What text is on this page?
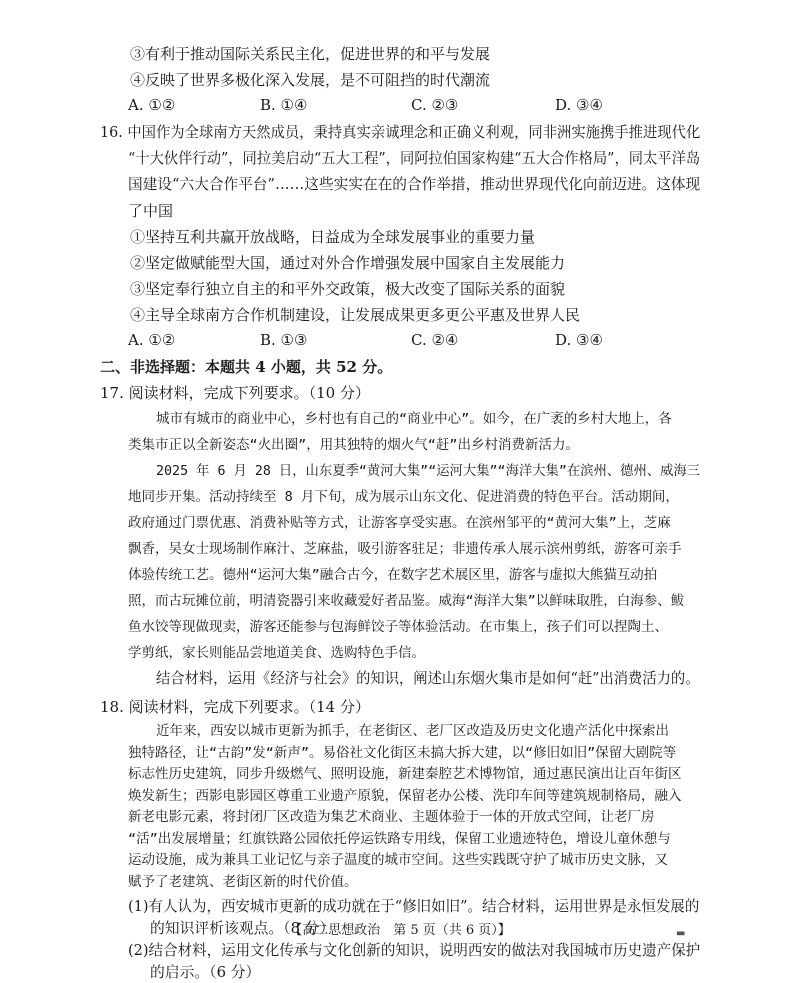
③有利于推动国际关系民主化，促进世界的和平与发展
④反映了世界多极化深入发展，是不可阻挡的时代潮流
A. ①②	B. ①④	C. ②③	D. ③④
16. 中国作为全球南方天然成员，秉持真实亲诚理念和正确义利观，同非洲实施携手推进现代化
“十大伙伴行动”，同拉美启动“五大工程”，同阿拉伯国家构建“五大合作格局”，同太平洋岛
国建设“六大合作平台”……这些实实在在的合作举措，推动世界现代化向前迈进。这体现
了中国
①坚持互利共赢开放战略，日益成为全球发展事业的重要力量
②坚定做赋能型大国，通过对外合作增强发展中国家自主发展能力
③坚定奉行独立自主的和平外交政策，极大改变了国际关系的面貌
④主导全球南方合作机制建设，让发展成果更多更公平惠及世界人民
A. ①②	B. ①③	C. ②④	D. ③④
二、非选择题：本题共 4 小题，共 52 分。
17. 阅读材料，完成下列要求。（10 分）
城市有城市的商业中心，乡村也有自己的“商业中心”。如今，在广袤的乡村大地上，各
类集市正以全新姿态“火出圈”，用其独特的烟火气“赶”出乡村消费新活力。
2025 年 6 月 28 日，山东夏季“黄河大集”“运河大集”“海洋大集”在滨州、德州、威海三
地同步开集。活动持续至 8 月下旬，成为展示山东文化、促进消费的特色平台。活动期间，
政府通过门票优惠、消费补贴等方式，让游客享受实惠。在滨州邹平的“黄河大集”上，芝麻
飘香，吴女士现场制作麻汁、芝麻盐，吸引游客驻足；非遗传承人展示滨州剪纸，游客可亲手
体验传统工艺。德州“运河大集”融合古今，在数字艺术展区里，游客与虚拟大熊猫互动拍
照，而古玩摊位前，明清瓷器引来收藏爱好者品鉴。威海“海洋大集”以鲜味取胜，白海参、鲅
鱼水饺等现做现卖，游客还能参与包海鲜饺子等体验活动。在市集上，孩子们可以捏陶土、
学剪纸，家长则能品尝地道美食、选购特色手信。
结合材料，运用《经济与社会》的知识，阐述山东烟火集市是如何“赶”出消费活力的。
18. 阅读材料，完成下列要求。（14 分）
近年来，西安以城市更新为抓手，在老街区、老厂区改造及历史文化遗产活化中探索出
独特路径，让“古韵”发“新声”。易俗社文化街区未搞大拆大建，以“修旧如旧”保留大剧院等
标志性历史建筑，同步升级燃气、照明设施，新建秦腔艺术博物馆，通过惠民演出让百年街区
焕发新生；西影电影园区尊重工业遗产原貌，保留老办公楼、洗印车间等建筑规制格局，融入
新老电影元素，将封闭厂区改造为集艺术商业、主题体验于一体的开放式空间，让老厂房
“活”出发展增量；红旗铁路公园依托停运铁路专用线，保留工业遗迹特色，增设儿童休憩与
运动设施，成为兼具工业记忆与亲子温度的城市空间。这些实践既守护了城市历史文脉，又
赋予了老建筑、老街区新的时代价值。
(1)有人认为，西安城市更新的成功就在于“修旧如旧”。结合材料，运用世界是永恒发展的
的知识评析该观点。（8 分）
(2)结合材料，运用文化传承与文化创新的知识，说明西安的做法对我国城市历史遗产保护
的启示。（6 分）
【高二思想政治　第 5 页（共 6 页）】	▬
